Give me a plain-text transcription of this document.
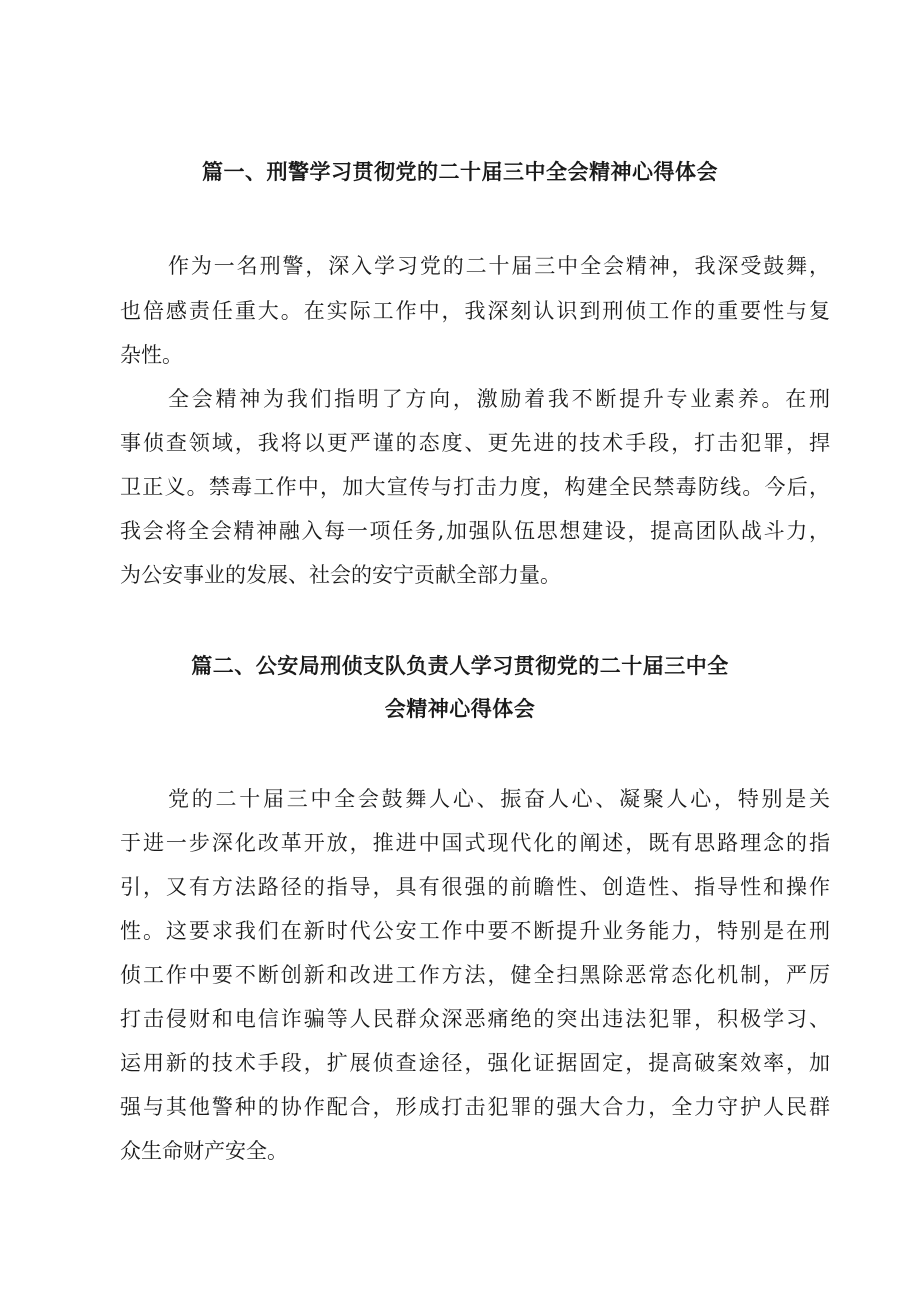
篇一、刑警学习贯彻党的二十届三中全会精神心得体会
作为一名刑警，深入学习党的二十届三中全会精神，我深受鼓舞，
也倍感责任重大。在实际工作中，我深刻认识到刑侦工作的重要性与复
杂性。
全会精神为我们指明了方向，激励着我不断提升专业素养。在刑
事侦查领域，我将以更严谨的态度、更先进的技术手段，打击犯罪，捍
卫正义。禁毒工作中，加大宣传与打击力度，构建全民禁毒防线。今后，
我会将全会精神融入每一项任务,加强队伍思想建设，提高团队战斗力，
为公安事业的发展、社会的安宁贡献全部力量。
篇二、公安局刑侦支队负责人学习贯彻党的二十届三中全
会精神心得体会
党的二十届三中全会鼓舞人心、振奋人心、凝聚人心，特别是关
于进一步深化改革开放，推进中国式现代化的阐述，既有思路理念的指
引，又有方法路径的指导，具有很强的前瞻性、创造性、指导性和操作
性。这要求我们在新时代公安工作中要不断提升业务能力，特别是在刑
侦工作中要不断创新和改进工作方法，健全扫黑除恶常态化机制，严厉
打击侵财和电信诈骗等人民群众深恶痛绝的突出违法犯罪，积极学习、
运用新的技术手段，扩展侦查途径，强化证据固定，提高破案效率，加
强与其他警种的协作配合，形成打击犯罪的强大合力，全力守护人民群
众生命财产安全。
